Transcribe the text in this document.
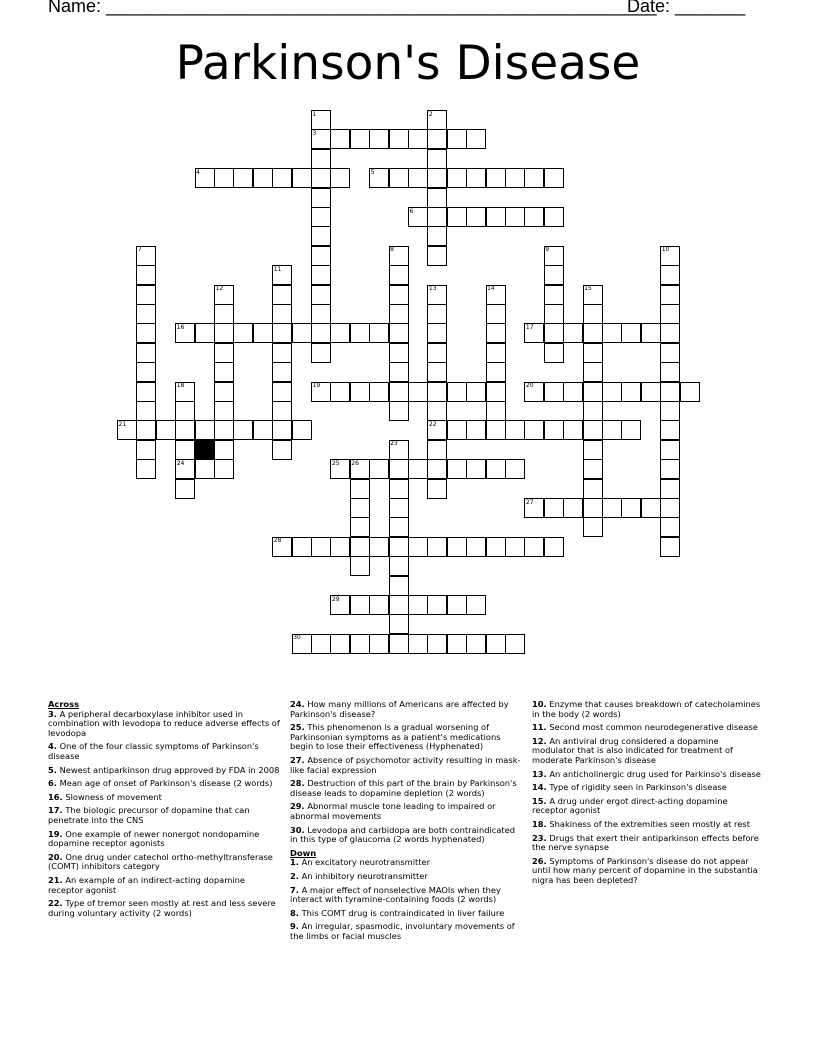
Name: _______________________________________________________
Date: _______
Parkinson's Disease
3
4	5
6
16	17
19	20
21	22
24	25 26
27
28
29
30
1	2
7	8	9	10
11
12	13	14	15
18
23
Across
3. A peripheral decarboxylase inhibitor used in combination with levodopa to reduce adverse effects of levodopa
4. One of the four classic symptoms of Parkinson's disease
5. Newest antiparkinson drug approved by FDA in 2008
6. Mean age of onset of Parkinson's disease (2 words)
16. Slowness of movement
17. The biologic precursor of dopamine that can penetrate into the CNS
19. One example of newer nonergot nondopamine dopamine receptor agonists
20. One drug under catechol ortho-methyltransferase (COMT) inhibitors category
21. An example of an indirect-acting dopamine receptor agonist
22. Type of tremor seen mostly at rest and less severe during voluntary activity (2 words)
24. How many millions of Americans are affected by Parkinson's disease?
25. This phenomenon is a gradual worsening of Parkinsonian symptoms as a patient's medications begin to lose their effectiveness (Hyphenated)
27. Absence of psychomotor activity resulting in mask-like facial expression
28. Destruction of this part of the brain by Parkinson's disease leads to dopamine depletion (2 words)
29. Abnormal muscle tone leading to impaired or abnormal movements
30. Levodopa and carbidopa are both contraindicated in this type of glaucoma (2 words hyphenated)
Down
1. An excitatory neurotransmitter
2. An inhibitory neurotransmitter
7. A major effect of nonselective MAOIs when they interact with tyramine-containing foods (2 words)
8. This COMT drug is contraindicated in liver failure
9. An irregular, spasmodic, involuntary movements of the limbs or facial muscles
10. Enzyme that causes breakdown of catecholamines in the body (2 words)
11. Second most common neurodegenerative disease
12. An antiviral drug considered a dopamine modulator that is also indicated for treatment of moderate Parkinson's disease
13. An anticholinergic drug used for Parkinso's disease
14. Type of rigidity seen in Parkinson's disease
15. A drug under ergot direct-acting dopamine receptor agonist
18. Shakiness of the extremities seen mostly at rest
23. Drugs that exert their antiparkinson effects before the nerve synapse
26. Symptoms of Parkinson's disease do not appear until how many percent of dopamine in the substantia nigra has been depleted?
